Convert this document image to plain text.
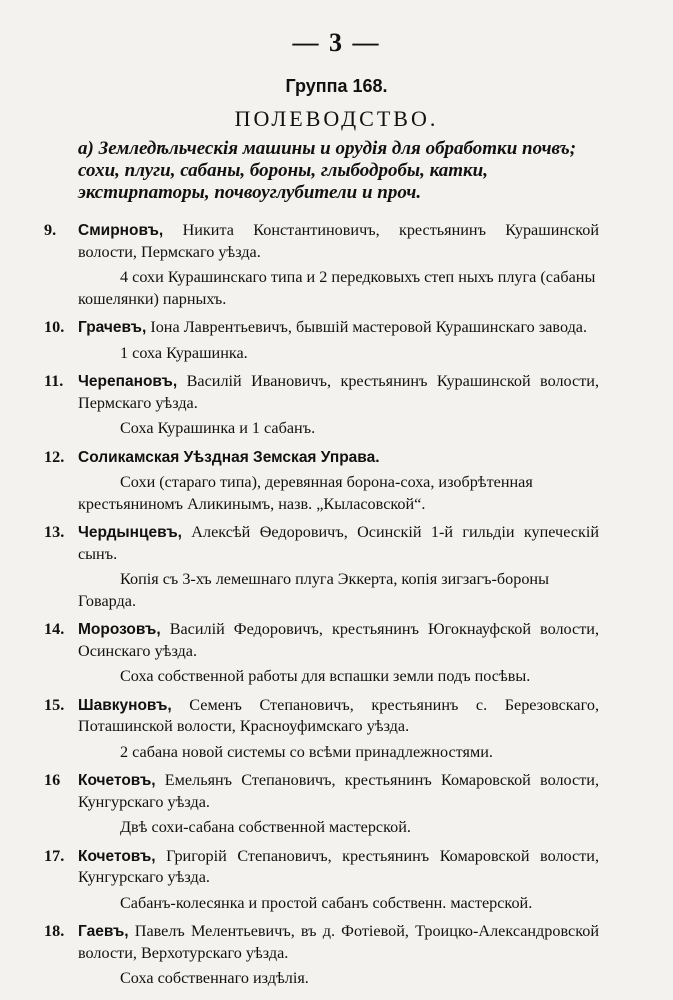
— 3 —
Группа 168.
ПОЛЕВОДСТВО.
a) Земледѣльческія машины и орудія для обработки почвъ; сохи, плуги, сабаны, бороны, глыбодробы, катки, экстирпаторы, почвоуглубители и проч.
9. Смирновъ, Никита Константиновичъ, крестьянинъ Курашинской волости, Пермскаго уѣзда.
4 сохи Курашинскаго типа и 2 передковыхъ степ ныхъ плуга (сабаны кошелянки) парныхъ.
10. Грачевъ, Іона Лаврентьевичъ, бывшій мастеровой Курашинскаго завода.
1 соха Курашинка.
11. Черепановъ, Василій Ивановичъ, крестьянинъ Курашинской волости, Пермскаго уѣзда.
Соха Курашинка и 1 сабанъ.
12. Соликамская Уѣздная Земская Управа.
Сохи (стараго типа), деревянная борона-соха, изобрѣтенная крестьяниномъ Аликинымъ, назв. „Кыласовской“.
13. Чердынцевъ, Алексѣй Ѳедоровичъ, Осинскій 1-й гильдіи купеческій сынъ.
Копія съ 3-хъ лемешнаго плуга Эккерта, копія зигзагъ-бороны Говарда.
14. Морозовъ, Василій Федоровичъ, крестьянинъ Югокнауфской волости, Осинскаго уѣзда.
Соха собственной работы для вспашки земли подъ посѣвы.
15. Шавкуновъ, Семенъ Степановичъ, крестьянинъ с. Березовскаго, Поташинской волости, Красноуфимскаго уѣзда.
2 сабана новой системы со всѣми принадлежностями.
16 Кочетовъ, Емельянъ Степановичъ, крестьянинъ Комаровской волости, Кунгурскаго уѣзда.
Двѣ сохи-сабана собственной мастерской.
17. Кочетовъ, Григорій Степановичъ, крестьянинъ Комаровской волости, Кунгурскаго уѣзда.
Сабанъ-колесянка и простой сабанъ собственн. мастерской.
18. Гаевъ, Павелъ Мелентьевичъ, въ д. Фотіевой, Троицко-Александровской волости, Верхотурскаго уѣзда.
Соха собственнаго издѣлія.
